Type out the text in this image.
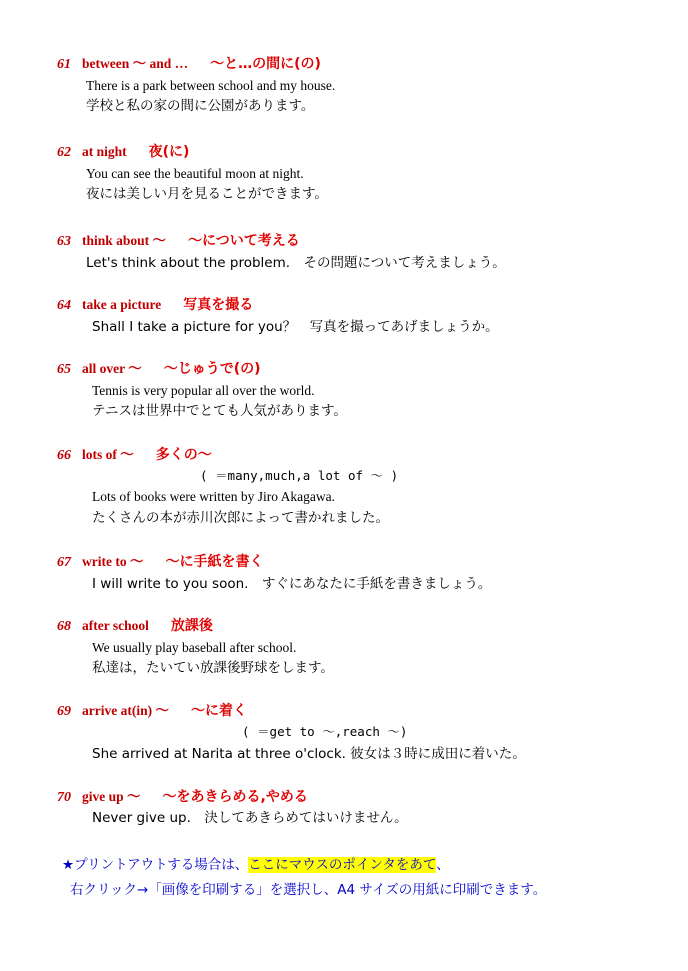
61 between 〜 and … 〜と…の間に(の)
There is a park between school and my house.
学校と私の家の間に公園があります。
62 at night 夜(に)
You can see the beautiful moon at night.
夜には美しい月を見ることができます。
63 think about 〜 〜について考える
Let's think about the problem.　その問題について考えましょう。
64 take a picture 写真を撮る
Shall I take a picture for you？　写真を撮ってあげましょうか。
65 all over 〜 〜じゅうで(の)
Tennis is very popular all over the world.
テニスは世界中でとても人気があります。
66 lots of 〜 多くの〜
( ＝many,much,a lot of 〜 )
Lots of books were written by Jiro Akagawa.
たくさんの本が赤川次郎によって書かれました。
67 write to 〜 〜に手紙を書く
I will write to you soon.　すぐにあなたに手紙を書きましょう。
68 after school 放課後
We usually play baseball after school.
私達は，たいてい放課後野球をします。
69 arrive at(in) 〜 〜に着く
( ＝get to 〜,reach 〜)
She arrived at Narita at three o'clock. 彼女は３時に成田に着いた。
70 give up 〜 〜をあきらめる,やめる
Never give up.　決してあきらめてはいけません。
★プリントアウトする場合は、ここにマウスのポインタをあて、
右クリック→「画像を印刷する」を選択し、A4 サイズの用紙に印刷できます。
